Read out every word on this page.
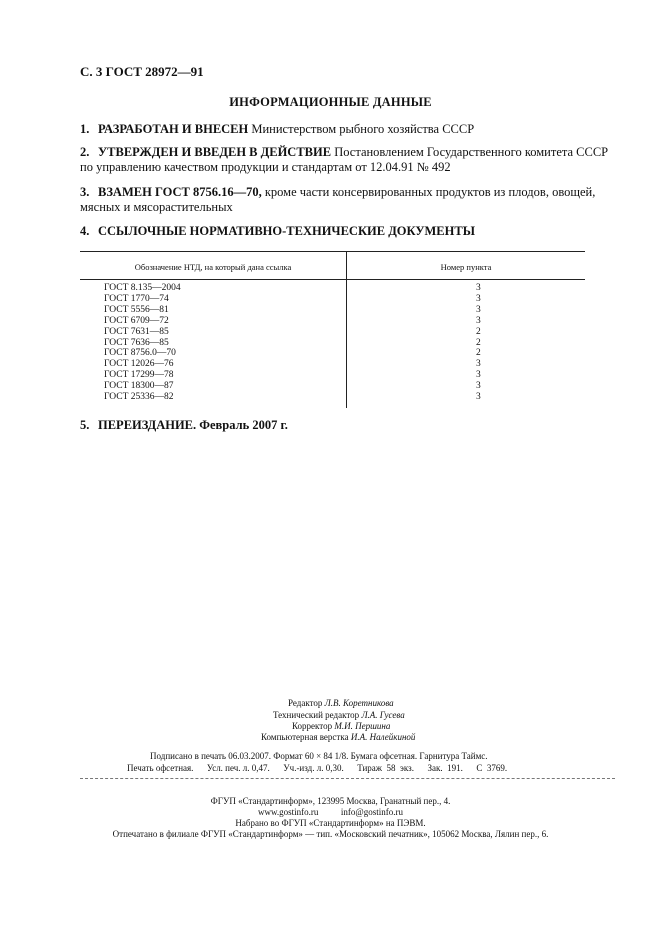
С. 3 ГОСТ 28972—91
ИНФОРМАЦИОННЫЕ ДАННЫЕ
1. РАЗРАБОТАН И ВНЕСЕН Министерством рыбного хозяйства СССР
2. УТВЕРЖДЕН И ВВЕДЕН В ДЕЙСТВИЕ Постановлением Государственного комитета СССР по управлению качеством продукции и стандартам от 12.04.91 № 492
3. ВЗАМЕН ГОСТ 8756.16—70, кроме части консервированных продуктов из плодов, овощей, мясных и мясорастительных
4. ССЫЛОЧНЫЕ НОРМАТИВНО-ТЕХНИЧЕСКИЕ ДОКУМЕНТЫ
Обозначение НТД, на который дана ссылка	Номер пункта
ГОСТ 8.135—2004	3
ГОСТ 1770—74	3
ГОСТ 5556—81	3
ГОСТ 6709—72	3
ГОСТ 7631—85	2
ГОСТ 7636—85	2
ГОСТ 8756.0—70	2
ГОСТ 12026—76	3
ГОСТ 17299—78	3
ГОСТ 18300—87	3
ГОСТ 25336—82	3
5. ПЕРЕИЗДАНИЕ. Февраль 2007 г.
Редактор Л.В. Коретникова
Технический редактор Л.А. Гусева
Корректор М.И. Першина
Компьютерная верстка И.А. Налейкиной
Подписано в печать 06.03.2007. Формат 60 × 84 1/8. Бумага офсетная. Гарнитура Таймс.
Печать офсетная.      Усл. печ. л. 0,47.      Уч.-изд. л. 0,30.      Тираж  58  экз.      Зак.  191.      С  3769.
ФГУП «Стандартинформ», 123995 Москва, Гранатный пер., 4.
www.gostinfo.ru          info@gostinfo.ru
Набрано во ФГУП «Стандартинформ» на ПЭВМ.
Отпечатано в филиале ФГУП «Стандартинформ» — тип. «Московский печатник», 105062 Москва, Лялин пер., 6.
